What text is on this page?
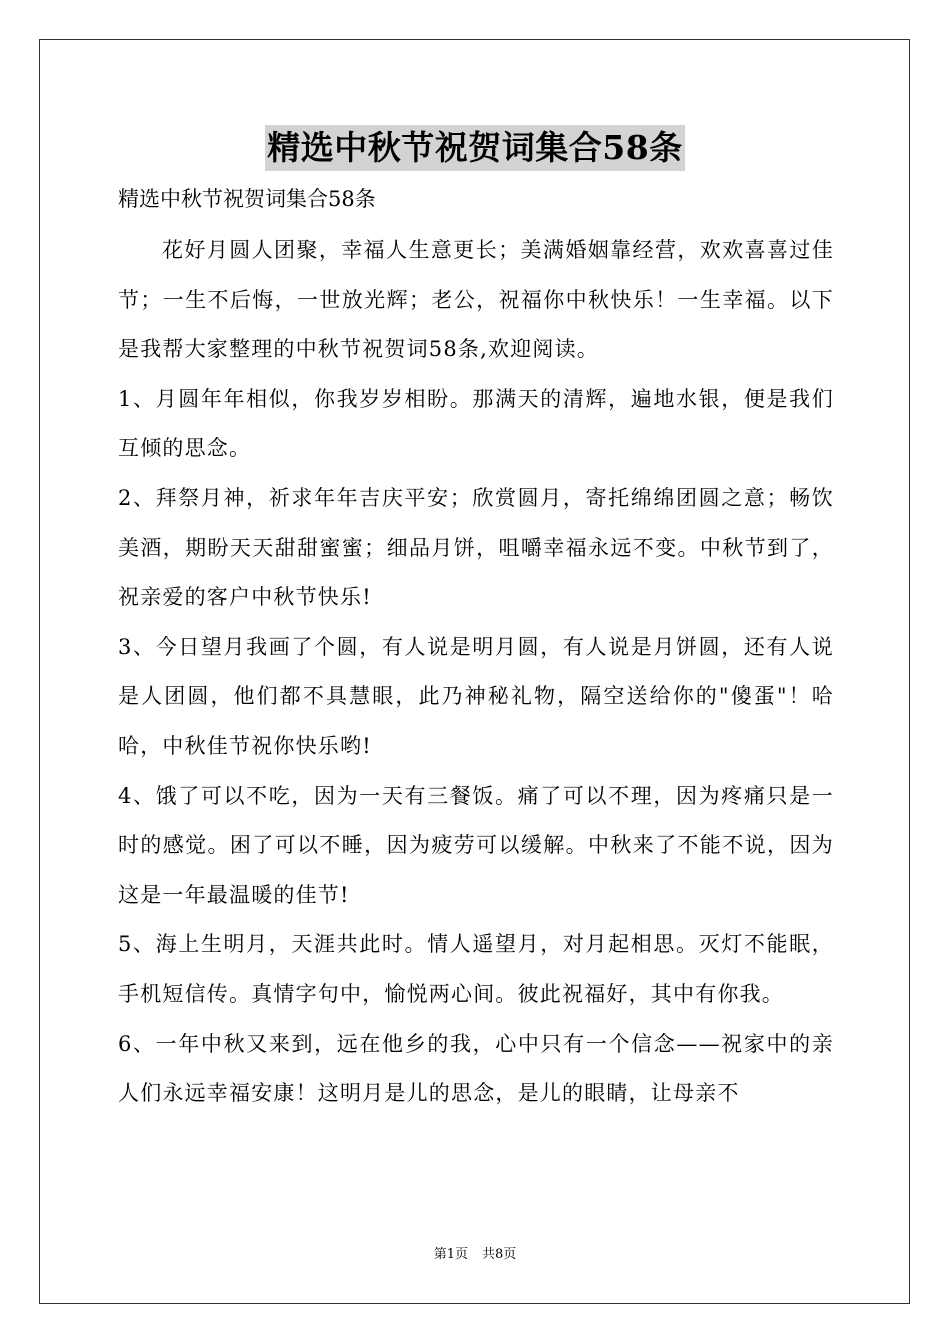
精选中秋节祝贺词集合58条
精选中秋节祝贺词集合58条

花好月圆人团聚，幸福人生意更长；美满婚姻靠经营，欢欢喜喜过佳节；一生不后悔，一世放光辉；老公，祝福你中秋快乐！一生幸福。以下是我帮大家整理的中秋节祝贺词58条,欢迎阅读。

1、月圆年年相似，你我岁岁相盼。那满天的清辉，遍地水银，便是我们互倾的思念。

2、拜祭月神，祈求年年吉庆平安；欣赏圆月，寄托绵绵团圆之意；畅饮美酒，期盼天天甜甜蜜蜜；细品月饼，咀嚼幸福永远不变。中秋节到了，祝亲爱的客户中秋节快乐!

3、今日望月我画了个圆，有人说是明月圆，有人说是月饼圆，还有人说是人团圆，他们都不具慧眼，此乃神秘礼物，隔空送给你的"傻蛋"！哈哈，中秋佳节祝你快乐哟!

4、饿了可以不吃，因为一天有三餐饭。痛了可以不理，因为疼痛只是一时的感觉。困了可以不睡，因为疲劳可以缓解。中秋来了不能不说，因为这是一年最温暖的佳节!

5、海上生明月，天涯共此时。情人遥望月，对月起相思。灭灯不能眠，手机短信传。真情字句中，愉悦两心间。彼此祝福好，其中有你我。

6、一年中秋又来到，远在他乡的我，心中只有一个信念——祝家中的亲人们永远幸福安康！这明月是儿的思念，是儿的眼睛，让母亲不

第1页 共8页
